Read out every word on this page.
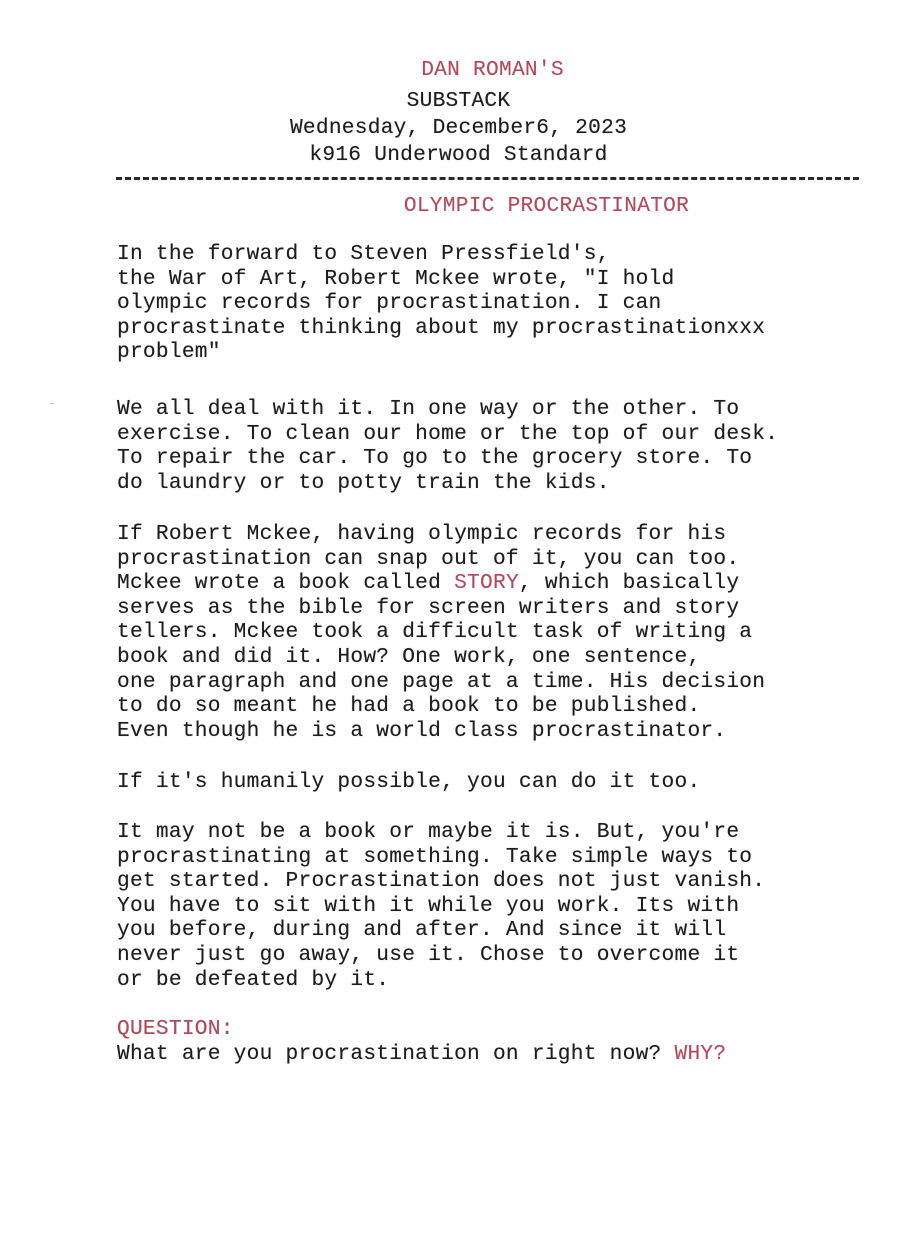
DAN ROMAN'S
SUBSTACK
Wednesday, December6, 2023
k916 Underwood Standard
OLYMPIC PROCRASTINATOR
In the forward to Steven Pressfield's,
the War of Art, Robert Mckee wrote, "I hold
olympic records for procrastination. I can
procrastinate thinking about my procrastinationxxx
problem"
We all deal with it. In one way or the other. To
exercise. To clean our home or the top of our desk.
To repair the car. To go to the grocery store. To
do laundry or to potty train the kids.
If Robert Mckee, having olympic records for his
procrastination can snap out of it, you can too.
Mckee wrote a book called STORY, which basically
serves as the bible for screen writers and story
tellers. Mckee took a difficult task of writing a
book and did it. How? One work, one sentence,
one paragraph and one page at a time. His decision
to do so meant he had a book to be published.
Even though he is a world class procrastinator.
If it's humanily possible, you can do it too.
It may not be a book or maybe it is. But, you're
procrastinating at something. Take simple ways to
get started. Procrastination does not just vanish.
You have to sit with it while you work. Its with
you before, during and after. And since it will
never just go away, use it. Chose to overcome it
or be defeated by it.
QUESTION:
What are you procrastination on right now? WHY?
